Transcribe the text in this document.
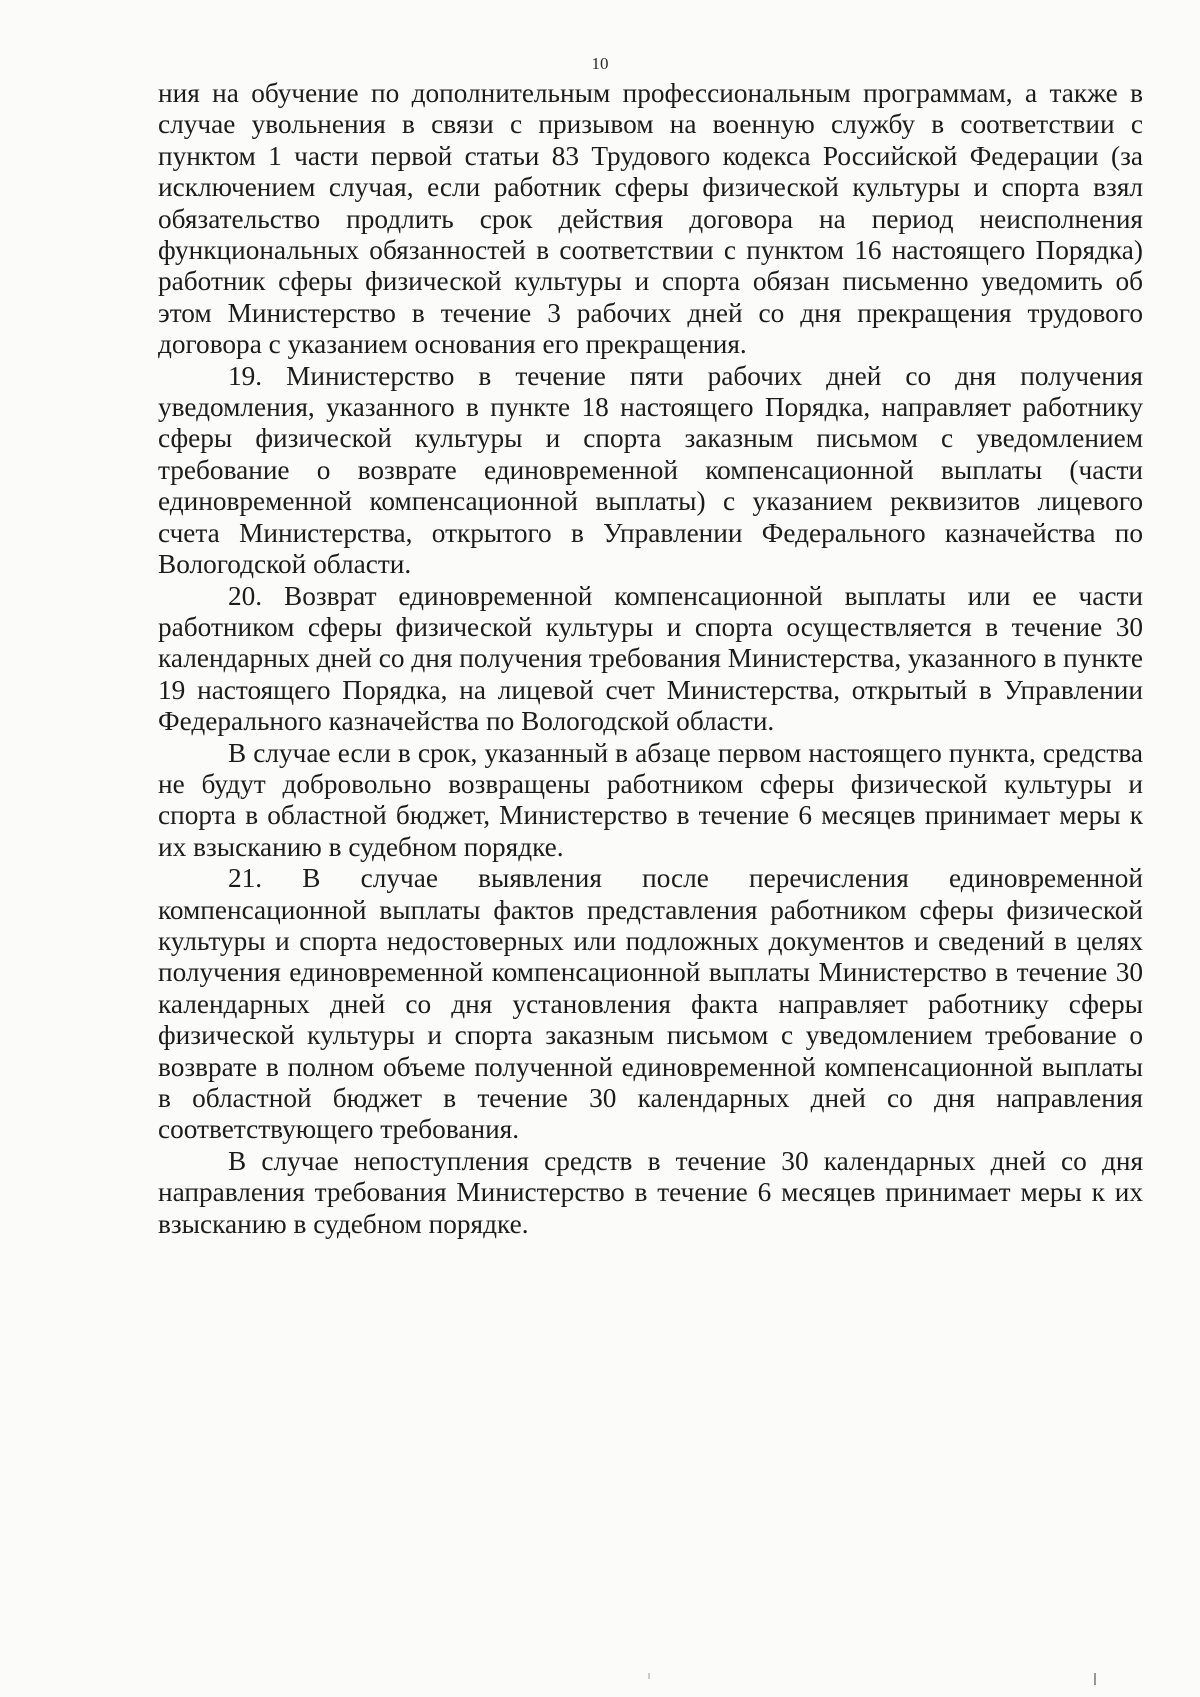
10

ния на обучение по дополнительным профессиональным программам, а также в случае увольнения в связи с призывом на военную службу в соответствии с пунктом 1 части первой статьи 83 Трудового кодекса Российской Федерации (за исключением случая, если работник сферы физической культуры и спорта взял обязательство продлить срок действия договора на период неисполнения функциональных обязанностей в соответствии с пунктом 16 настоящего Порядка) работник сферы физической культуры и спорта обязан письменно уведомить об этом Министерство в течение 3 рабочих дней со дня прекращения трудового договора с указанием основания его прекращения.

19. Министерство в течение пяти рабочих дней со дня получения уведомления, указанного в пункте 18 настоящего Порядка, направляет работнику сферы физической культуры и спорта заказным письмом с уведомлением требование о возврате единовременной компенсационной выплаты (части единовременной компенсационной выплаты) с указанием реквизитов лицевого счета Министерства, открытого в Управлении Федерального казначейства по Вологодской области.

20. Возврат единовременной компенсационной выплаты или ее части работником сферы физической культуры и спорта осуществляется в течение 30 календарных дней со дня получения требования Министерства, указанного в пункте 19 настоящего Порядка, на лицевой счет Министерства, открытый в Управлении Федерального казначейства по Вологодской области.

В случае если в срок, указанный в абзаце первом настоящего пункта, средства не будут добровольно возвращены работником сферы физической культуры и спорта в областной бюджет, Министерство в течение 6 месяцев принимает меры к их взысканию в судебном порядке.

21. В случае выявления после перечисления единовременной компенсационной выплаты фактов представления работником сферы физической культуры и спорта недостоверных или подложных документов и сведений в целях получения единовременной компенсационной выплаты Министерство в течение 30 календарных дней со дня установления факта направляет работнику сферы физической культуры и спорта заказным письмом с уведомлением требование о возврате в полном объеме полученной единовременной компенсационной выплаты в областной бюджет в течение 30 календарных дней со дня направления соответствующего требования.

В случае непоступления средств в течение 30 календарных дней со дня направления требования Министерство в течение 6 месяцев принимает меры к их взысканию в судебном порядке.
